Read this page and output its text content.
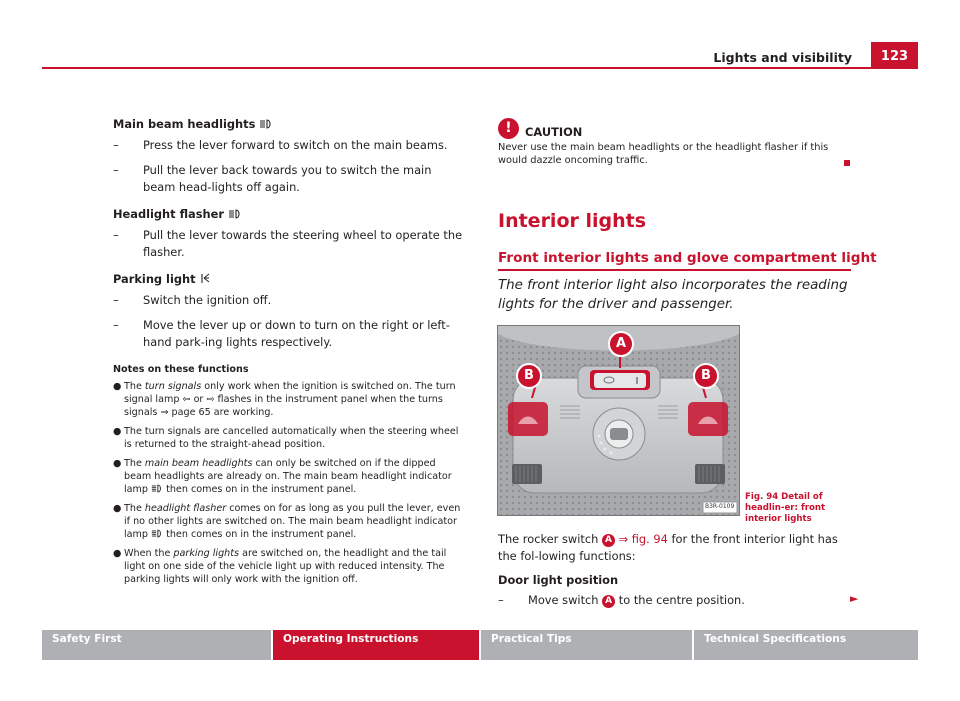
Lights and visibility	123
Main beam headlights
– Press the lever forward to switch on the main beams.
– Pull the lever back towards you to switch the main beam head-lights off again.
Headlight flasher
– Pull the lever towards the steering wheel to operate the flasher.
Parking light
– Switch the ignition off.
– Move the lever up or down to turn on the right or left-hand park-ing lights respectively.
Notes on these functions
● The turn signals only work when the ignition is switched on. The turn signal lamp ⇦ or ⇨ flashes in the instrument panel when the turns signals ⇒ page 65 are working.
● The turn signals are cancelled automatically when the steering wheel is returned to the straight-ahead position.
● The main beam headlights can only be switched on if the dipped beam headlights are already on. The main beam headlight indicator lamp  then comes on in the instrument panel.
● The headlight flasher comes on for as long as you pull the lever, even if no other lights are switched on. The main beam headlight indicator lamp  then comes on in the instrument panel.
● When the parking lights are switched on, the headlight and the tail light on one side of the vehicle light up with reduced intensity. The parking lights will only work with the ignition off.
!	CAUTION
Never use the main beam headlights or the headlight flasher if this would dazzle oncoming traffic.
Interior lights
Front interior lights and glove compartment light
The front interior light also incorporates the reading lights for the driver and passenger.
A
B	B
B3R-0109
Fig. 94 Detail of headlin-er: front interior lights
The rocker switch A ⇒ fig. 94 for the front interior light has the fol-lowing functions:
Door light position
– Move switch A to the centre position.	►
Safety First	Operating Instructions	Practical Tips	Technical Specifications
